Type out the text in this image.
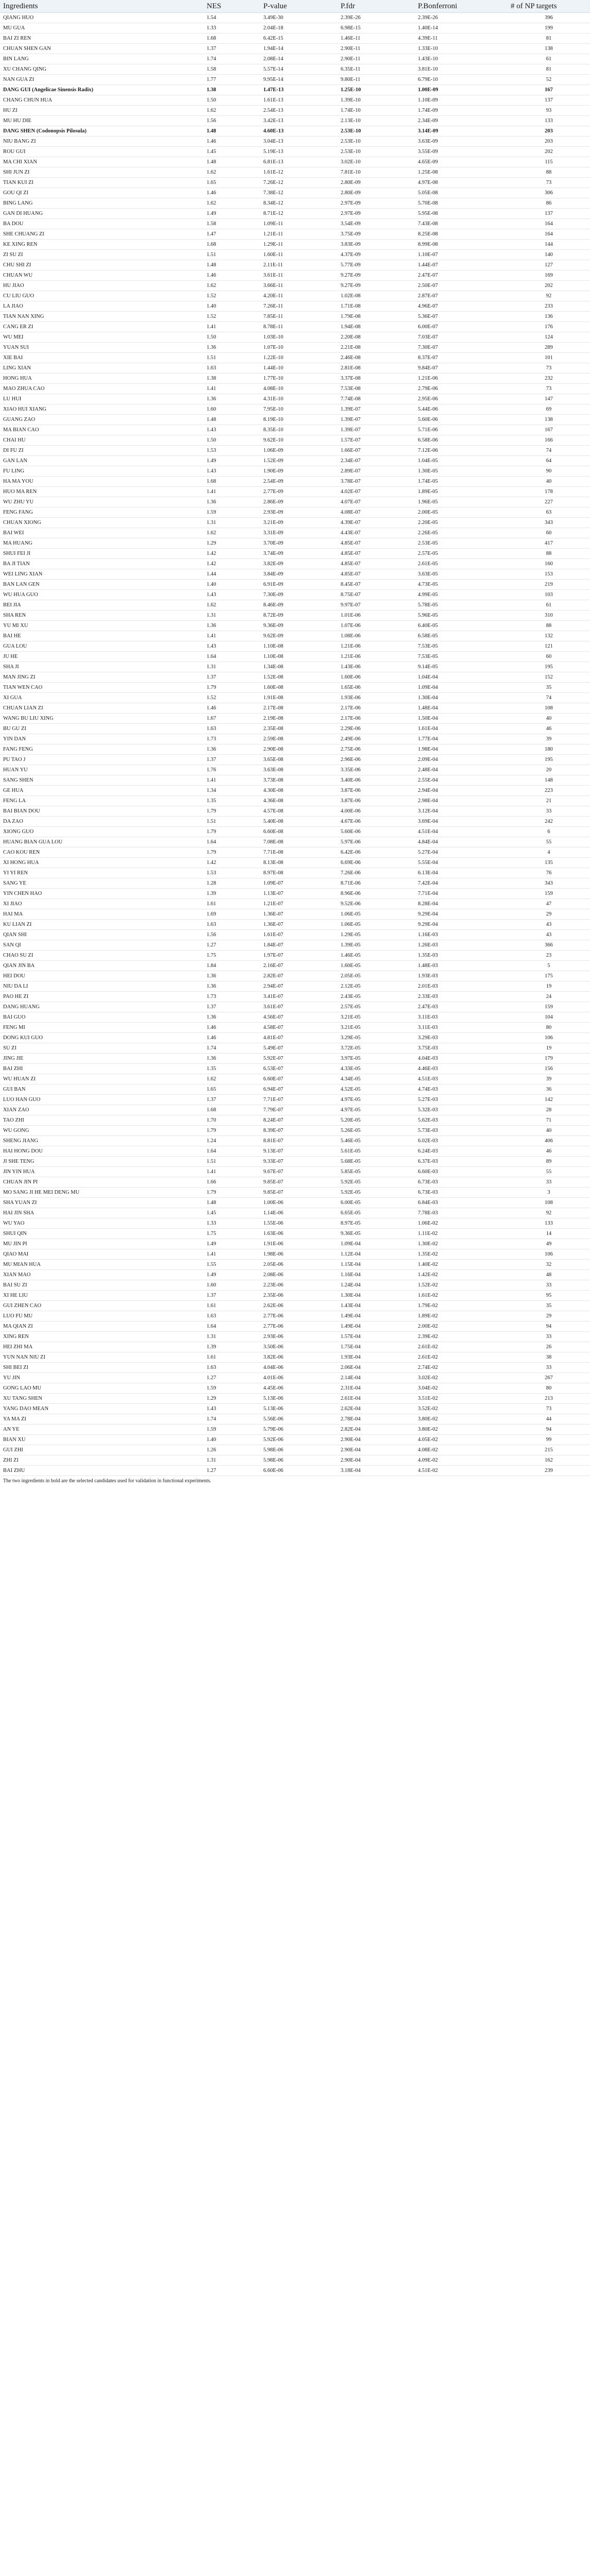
Ingredients	NES	P-value	P.fdr	P.Bonferroni	# of NP targets
QIANG HUO	1.54	3.49E-30	2.39E-26	2.39E-26	396
MU GUA	1.33	2.04E-18	6.98E-15	1.40E-14	199
BAI ZI REN	1.68	6.42E-15	1.46E-11	4.39E-11	81
CHUAN SHEN GAN	1.37	1.94E-14	2.90E-11	1.33E-10	138
BIN LANG	1.74	2.08E-14	2.90E-11	1.43E-10	61
XU CHANG QING	1.58	5.57E-14	6.35E-11	3.81E-10	81
NAN GUA ZI	1.77	9.95E-14	9.80E-11	6.79E-10	52
DANG GUI (Angelicae Sinensis Radix)	1.38	1.47E-13	1.25E-10	1.00E-09	167
CHANG CHUN HUA	1.50	1.61E-13	1.39E-10	1.10E-09	137
HU ZI	1.62	2.54E-13	1.74E-10	1.74E-09	93
MU HU DIE	1.56	3.42E-13	2.13E-10	2.34E-09	133
DANG SHEN (Codonopsis Pilosula)	1.48	4.60E-13	2.53E-10	3.14E-09	203
NIU BANG ZI	1.46	3.04E-13	2.53E-10	3.63E-09	203
ROU GUI	1.45	5.19E-13	2.53E-10	3.55E-09	202
MA CHI XIAN	1.48	6.81E-13	3.02E-10	4.65E-09	115
SHI JUN ZI	1.62	1.61E-12	7.81E-10	1.25E-08	88
TIAN KUI ZI	1.65	7.26E-12	2.80E-09	4.97E-08	73
GOU QI ZI	1.46	7.38E-12	2.80E-09	5.05E-08	306
BING LANG	1.62	8.34E-12	2.97E-09	5.70E-08	86
GAN DI HUANG	1.49	8.71E-12	2.97E-09	5.95E-08	137
BA DOU	1.58	1.09E-11	3.54E-09	7.43E-08	164
SHE CHUANG ZI	1.47	1.21E-11	3.75E-09	8.25E-08	164
KE XING REN	1.68	1.29E-11	3.83E-09	8.99E-08	144
ZI SU ZI	1.51	1.60E-11	4.37E-09	1.10E-07	140
CHU SHI ZI	1.48	2.11E-11	5.77E-09	1.44E-07	127
CHUAN WU	1.46	3.61E-11	9.27E-09	2.47E-07	169
HU JIAO	1.62	3.66E-11	9.27E-09	2.50E-07	202
CU LIU GUO	1.52	4.20E-11	1.02E-08	2.87E-07	92
LA JIAO	1.40	7.26E-11	1.71E-08	4.96E-07	233
TIAN NAN XING	1.52	7.85E-11	1.79E-08	5.36E-07	136
CANG ER ZI	1.41	8.78E-11	1.94E-08	6.00E-07	176
WU MEI	1.50	1.03E-10	2.20E-08	7.03E-07	124
YUAN SUI	1.36	1.07E-10	2.21E-08	7.30E-07	289
XIE BAI	1.51	1.22E-10	2.46E-08	8.37E-07	101
LING XIAN	1.63	1.44E-10	2.81E-08	9.84E-07	73
HONG HUA	1.38	1.77E-10	3.37E-08	1.21E-06	232
MAO ZHUA CAO	1.41	4.08E-10	7.53E-08	2.79E-06	73
LU HUI	1.36	4.31E-10	7.74E-08	2.95E-06	147
XIAO HUI XIANG	1.60	7.95E-10	1.39E-07	5.44E-06	69
GUANG ZAO	1.48	8.19E-10	1.39E-07	5.60E-06	138
MA BIAN CAO	1.43	8.35E-10	1.39E-07	5.71E-06	167
CHAI HU	1.50	9.62E-10	1.57E-07	6.58E-06	166
DI FU ZI	1.53	1.06E-09	1.66E-07	7.12E-06	74
GAN LAN	1.49	1.52E-09	2.34E-07	1.04E-05	64
FU LING	1.43	1.90E-09	2.89E-07	1.30E-05	90
HA MA YOU	1.68	2.54E-09	3.78E-07	1.74E-05	40
HUO MA REN	1.41	2.77E-09	4.02E-07	1.89E-05	178
WU ZHU YU	1.36	2.86E-09	4.07E-07	1.96E-05	227
FENG FANG	1.59	2.93E-09	4.08E-07	2.00E-05	63
CHUAN XIONG	1.31	3.21E-09	4.39E-07	2.20E-05	343
BAI WEI	1.62	3.31E-09	4.43E-07	2.26E-05	60
MA HUANG	1.29	3.70E-09	4.85E-07	2.53E-05	417
SHUI FEI JI	1.42	3.74E-09	4.85E-07	2.57E-05	88
BA JI TIAN	1.42	3.82E-09	4.85E-07	2.61E-05	160
WEI LING XIAN	1.44	3.84E-09	4.85E-07	3.63E-05	153
BAN LAN GEN	1.40	6.91E-09	8.45E-07	4.73E-05	219
WU HUA GUO	1.43	7.30E-09	8.75E-07	4.99E-05	103
BEI JIA	1.62	8.46E-09	9.97E-07	5.78E-05	61
SHA REN	1.31	8.72E-09	1.01E-06	5.96E-05	310
YU MI XU	1.36	9.36E-09	1.07E-06	6.40E-05	88
BAI HE	1.41	9.62E-09	1.08E-06	6.58E-05	132
GUA LOU	1.43	1.10E-08	1.21E-06	7.53E-05	121
JU HE	1.64	1.10E-08	1.21E-06	7.53E-05	60
SHA JI	1.31	1.34E-08	1.43E-06	9.14E-05	195
MAN JING ZI	1.37	1.52E-08	1.60E-06	1.04E-04	152
TIAN WEN CAO	1.79	1.60E-08	1.65E-06	1.09E-04	35
XI GUA	1.52	1.91E-08	1.93E-06	1.30E-04	74
CHUAN LIAN ZI	1.46	2.17E-08	2.17E-06	1.48E-04	108
WANG BU LIU XING	1.67	2.19E-08	2.17E-06	1.50E-04	40
BU GU ZI	1.63	2.35E-08	2.29E-06	1.61E-04	46
YIN DAN	1.73	2.59E-08	2.49E-06	1.77E-04	39
FANG FENG	1.36	2.90E-08	2.75E-06	1.98E-04	180
PU TAO J	1.37	3.65E-08	2.96E-06	2.09E-04	195
HUAN YU	1.76	3.63E-08	3.35E-06	2.48E-04	20
SANG SHEN	1.41	3.73E-08	3.40E-06	2.55E-04	148
GE HUA	1.34	4.30E-08	3.87E-06	2.94E-04	223
FENG LA	1.35	4.36E-08	3.87E-06	2.98E-04	21
BAI BIAN DOU	1.79	4.57E-08	4.00E-06	3.12E-04	33
DA ZAO	1.51	5.40E-08	4.67E-06	3.69E-04	242
XIONG GUO	1.79	6.60E-08	5.60E-06	4.51E-04	6
HUANG BIAN GUA LOU	1.64	7.08E-08	5.97E-06	4.84E-04	55
CAO KOU REN	1.79	7.71E-08	6.42E-06	5.27E-04	4
XI HONG HUA	1.42	8.13E-08	6.69E-06	5.55E-04	135
YI YI REN	1.53	8.97E-08	7.26E-06	6.13E-04	76
SANG YE	1.28	1.09E-07	8.71E-06	7.42E-04	343
YIN CHEN HAO	1.39	1.13E-07	8.96E-06	7.71E-04	159
XI JIAO	1.61	1.21E-07	9.52E-06	8.28E-04	47
HAI MA	1.69	1.36E-07	1.06E-05	9.29E-04	29
KU LIAN ZI	1.63	1.36E-07	1.06E-05	9.29E-04	43
QIAN SHI	1.56	1.61E-07	1.29E-05	1.16E-03	43
SAN QI	1.27	1.84E-07	1.39E-05	1.26E-03	366
CHAO SU ZI	1.75	1.97E-07	1.46E-05	1.35E-03	23
QIAN JIN BA	1.84	2.16E-07	1.60E-05	1.48E-03	5
HEI DOU	1.36	2.82E-07	2.05E-05	1.93E-03	175
NIU DA LI	1.36	2.94E-07	2.12E-05	2.01E-03	19
PAO HE ZI	1.73	3.41E-07	2.43E-05	2.33E-03	24
DANG HUANG	1.37	3.61E-07	2.57E-05	2.47E-03	159
BAI GUO	1.36	4.56E-07	3.21E-05	3.11E-03	104
FENG MI	1.46	4.58E-07	3.21E-05	3.11E-03	80
DONG KUI GUO	1.46	4.81E-07	3.29E-05	3.29E-03	106
SU ZI	1.74	5.49E-07	3.72E-05	3.75E-03	19
JING JIE	1.36	5.92E-07	3.97E-05	4.04E-03	179
BAI ZHI	1.35	6.53E-07	4.33E-05	4.46E-03	156
WU HUAN ZI	1.62	6.60E-07	4.34E-05	4.51E-03	39
GUI BAN	1.65	6.94E-07	4.52E-05	4.74E-03	36
LUO HAN GUO	1.37	7.71E-07	4.97E-05	5.27E-03	142
XIAN ZAO	1.68	7.79E-07	4.97E-05	5.32E-03	28
TAO ZHI	1.70	8.24E-07	5.20E-05	5.62E-03	71
WU GONG	1.79	8.39E-07	5.26E-05	5.73E-03	40
SHENG JIANG	1.24	8.81E-07	5.46E-05	6.02E-03	406
HAI HONG DOU	1.64	9.13E-07	5.61E-05	6.24E-03	46
JI SHE TENG	1.51	9.33E-07	5.68E-05	6.37E-03	89
JIN YIN HUA	1.41	9.67E-07	5.85E-05	6.60E-03	55
CHUAN JIN PI	1.66	9.85E-07	5.92E-05	6.73E-03	33
MO SANG JI HE MEI DENG MU	1.79	9.85E-07	5.92E-05	6.73E-03	3
SHA YUAN ZI	1.48	1.00E-06	6.00E-05	6.84E-03	108
HAI JIN SHA	1.45	1.14E-06	6.65E-05	7.78E-03	92
WU YAO	1.33	1.55E-06	8.97E-05	1.06E-02	133
SHUI QIN	1.75	1.63E-06	9.36E-05	1.11E-02	14
MU JIN PI	1.49	1.91E-06	1.09E-04	1.30E-02	49
QIAO MAI	1.41	1.98E-06	1.12E-04	1.35E-02	106
MU MIAN HUA	1.55	2.05E-06	1.15E-04	1.40E-02	32
XIAN MAO	1.49	2.08E-06	1.16E-04	1.42E-02	48
BAI SU ZI	1.60	2.23E-06	1.24E-04	1.52E-02	33
XI HE LIU	1.37	2.35E-06	1.30E-04	1.61E-02	95
GUI ZHEN CAO	1.61	2.62E-06	1.43E-04	1.79E-02	35
LUO FU MU	1.63	2.77E-06	1.49E-04	1.89E-02	29
MA QIAN ZI	1.64	2.77E-06	1.49E-04	2.00E-02	94
XING REN	1.31	2.93E-06	1.57E-04	2.39E-02	33
HEI ZHI MA	1.39	3.50E-06	1.75E-04	2.61E-02	26
YUN NAN NIU ZI	1.61	3.82E-06	1.93E-04	2.61E-02	38
SHI BEI ZI	1.63	4.04E-06	2.06E-04	2.74E-02	33
YU JIN	1.27	4.01E-06	2.14E-04	3.02E-02	267
GONG LAO MU	1.59	4.45E-06	2.31E-04	3.04E-02	80
XU TANG SHEN	1.29	5.13E-06	2.61E-04	3.51E-02	213
YANG DAO MEAN	1.43	5.13E-06	2.62E-04	3.52E-02	73
YA MA ZI	1.74	5.56E-06	2.78E-04	3.80E-02	44
AN YE	1.59	5.79E-06	2.82E-04	3.80E-02	94
BIAN XU	1.40	5.92E-06	2.90E-04	4.05E-02	99
GUI ZHI	1.26	5.98E-06	2.90E-04	4.08E-02	215
ZHI ZI	1.31	5.98E-06	2.90E-04	4.09E-02	162
BAI ZHU	1.27	6.60E-06	3.18E-04	4.51E-02	239
The two ingredients in bold are the selected candidates used for validation in functional experiments.
